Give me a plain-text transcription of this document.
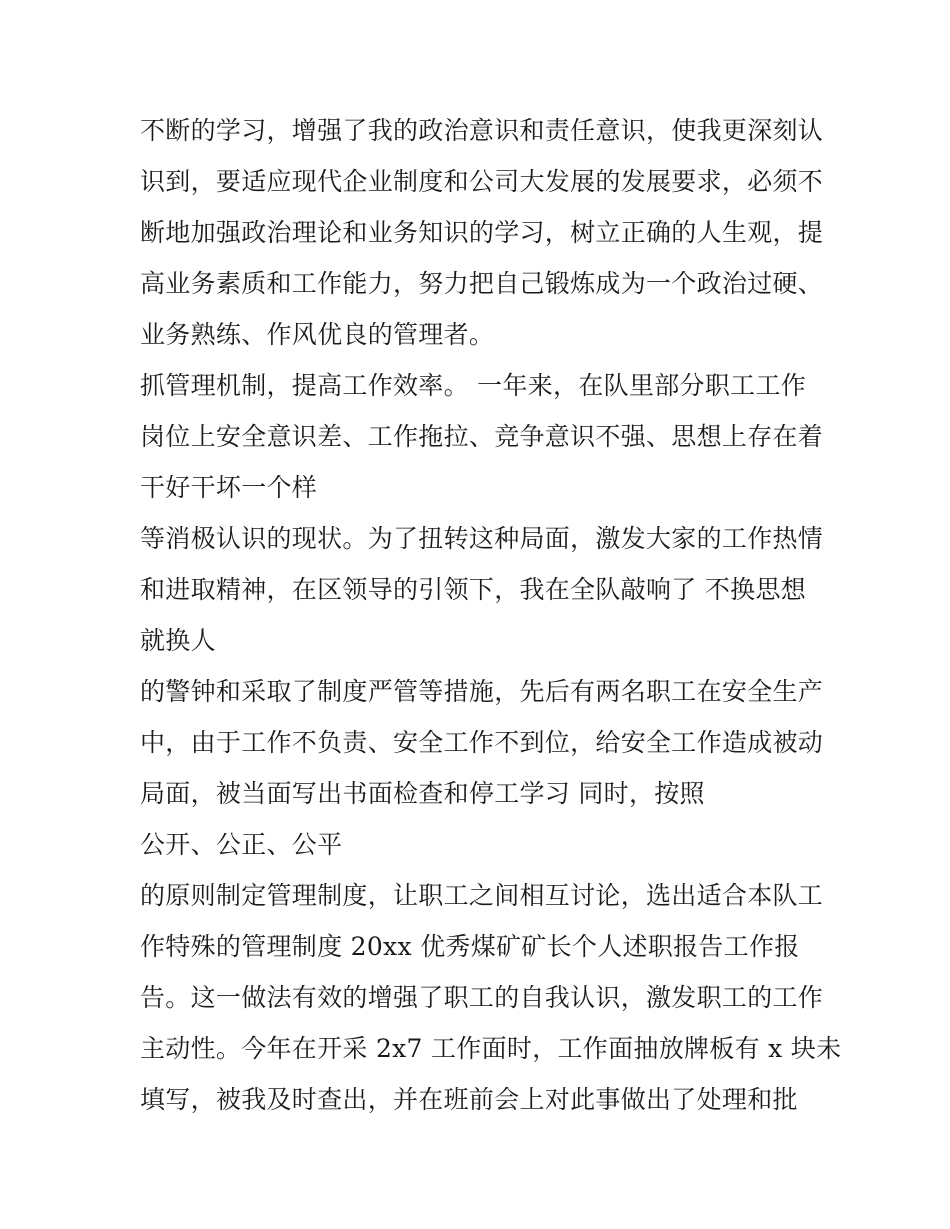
不断的学习，增强了我的政治意识和责任意识，使我更深刻认
识到，要适应现代企业制度和公司大发展的发展要求，必须不
断地加强政治理论和业务知识的学习，树立正确的人生观，提
高业务素质和工作能力，努力把自己锻炼成为一个政治过硬、
业务熟练、作风优良的管理者。
抓管理机制，提高工作效率。 一年来，在队里部分职工工作
岗位上安全意识差、工作拖拉、竞争意识不强、思想上存在着
干好干坏一个样
等消极认识的现状。为了扭转这种局面，激发大家的工作热情
和进取精神，在区领导的引领下，我在全队敲响了 不换思想
就换人
的警钟和采取了制度严管等措施，先后有两名职工在安全生产
中，由于工作不负责、安全工作不到位，给安全工作造成被动
局面，被当面写出书面检查和停工学习 同时，按照
公开、公正、公平
的原则制定管理制度，让职工之间相互讨论，选出适合本队工
作特殊的管理制度 20xx 优秀煤矿矿长个人述职报告工作报
告。这一做法有效的增强了职工的自我认识，激发职工的工作
主动性。今年在开采 2x7 工作面时，工作面抽放牌板有 x 块未
填写，被我及时查出，并在班前会上对此事做出了处理和批
